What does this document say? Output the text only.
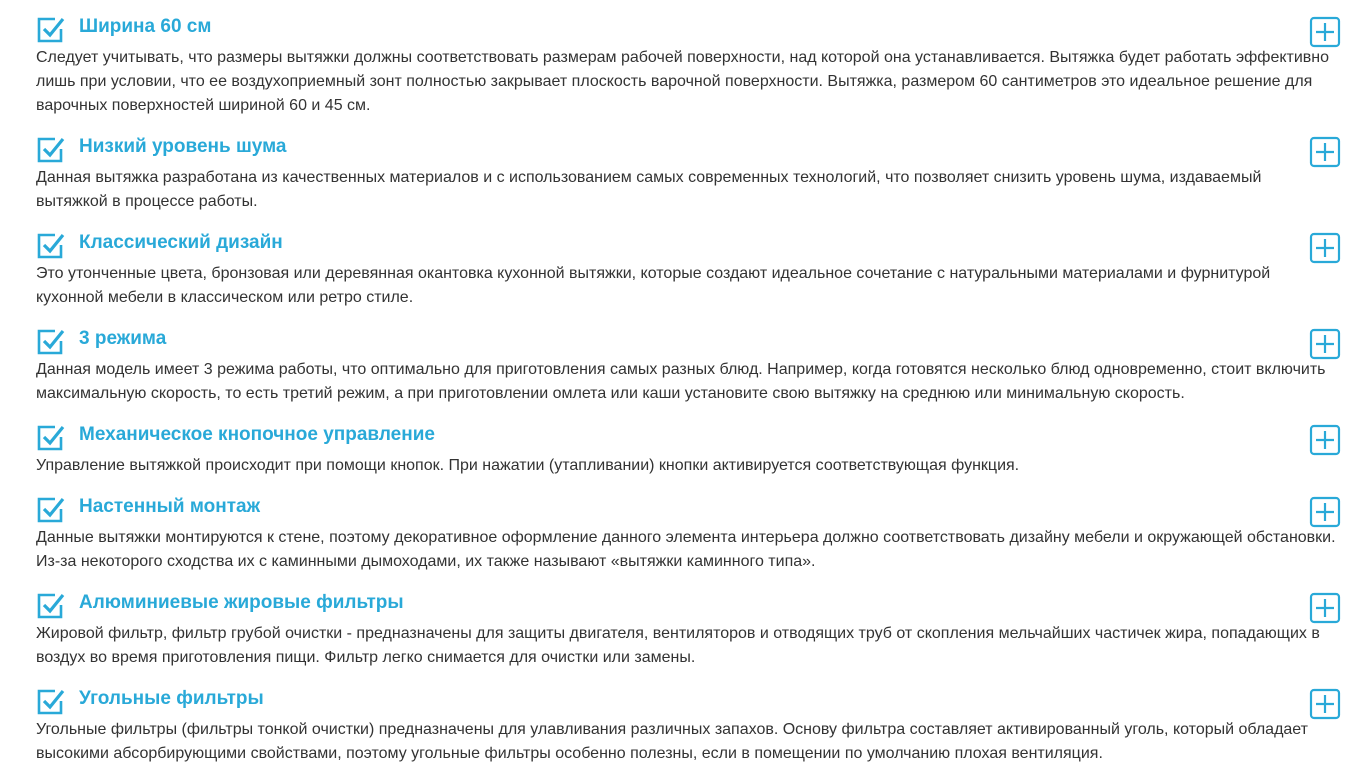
Ширина 60 см

Следует учитывать, что размеры вытяжки должны соответствовать размерам рабочей поверхности, над которой она устанавливается. Вытяжка будет работать эффективно лишь при условии, что ее воздухоприемный зонт полностью закрывает плоскость варочной поверхности. Вытяжка, размером 60 сантиметров это идеальное решение для варочных поверхностей шириной 60 и 45 см.

Низкий уровень шума

Данная вытяжка разработана из качественных материалов и с использованием самых современных технологий, что позволяет снизить уровень шума, издаваемый вытяжкой в процессе работы.

Классический дизайн

Это утонченные цвета, бронзовая или деревянная окантовка кухонной вытяжки, которые создают идеальное сочетание с натуральными материалами и фурнитурой кухонной мебели в классическом или ретро стиле.

3 режима

Данная модель имеет 3 режима работы, что оптимально для приготовления самых разных блюд. Например, когда готовятся несколько блюд одновременно, стоит включить максимальную скорость, то есть третий режим, а при приготовлении омлета или каши установите свою вытяжку на среднюю или минимальную скорость.

Механическое кнопочное управление

Управление вытяжкой происходит при помощи кнопок. При нажатии (утапливании) кнопки активируется соответствующая функция.

Настенный монтаж

Данные вытяжки монтируются к стене, поэтому декоративное оформление данного элемента интерьера должно соответствовать дизайну мебели и окружающей обстановки. Из-за некоторого сходства их с каминными дымоходами, их также называют «вытяжки каминного типа».

Алюминиевые жировые фильтры

Жировой фильтр, фильтр грубой очистки - предназначены для защиты двигателя, вентиляторов и отводящих труб от скопления мельчайших частичек жира, попадающих в воздух во время приготовления пищи. Фильтр легко снимается для очистки или замены.

Угольные фильтры

Угольные фильтры (фильтры тонкой очистки) предназначены для улавливания различных запахов. Основу фильтра составляет активированный уголь, который обладает высокими абсорбирующими свойствами, поэтому угольные фильтры особенно полезны, если в помещении по умолчанию плохая вентиляция.
